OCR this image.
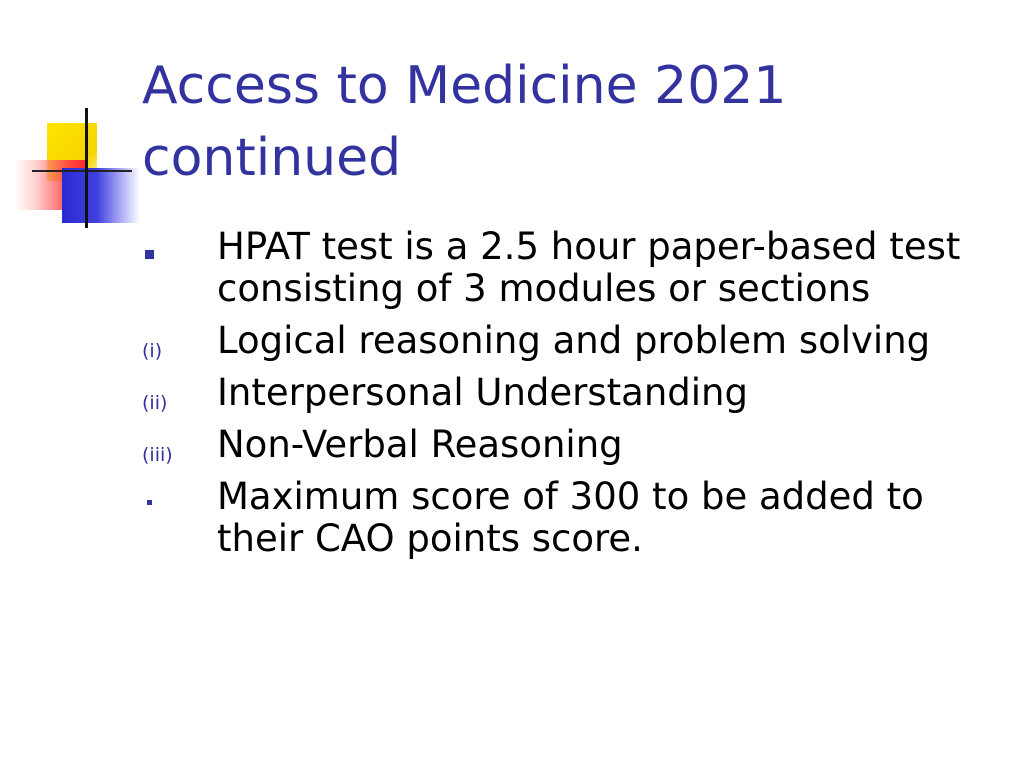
Access to Medicine 2021
continued
HPAT test is a 2.5 hour paper-based test consisting of 3 modules or sections
(i) Logical reasoning and problem solving
(ii) Interpersonal Understanding
(iii) Non-Verbal Reasoning
Maximum score of 300 to be added to their CAO points score.
